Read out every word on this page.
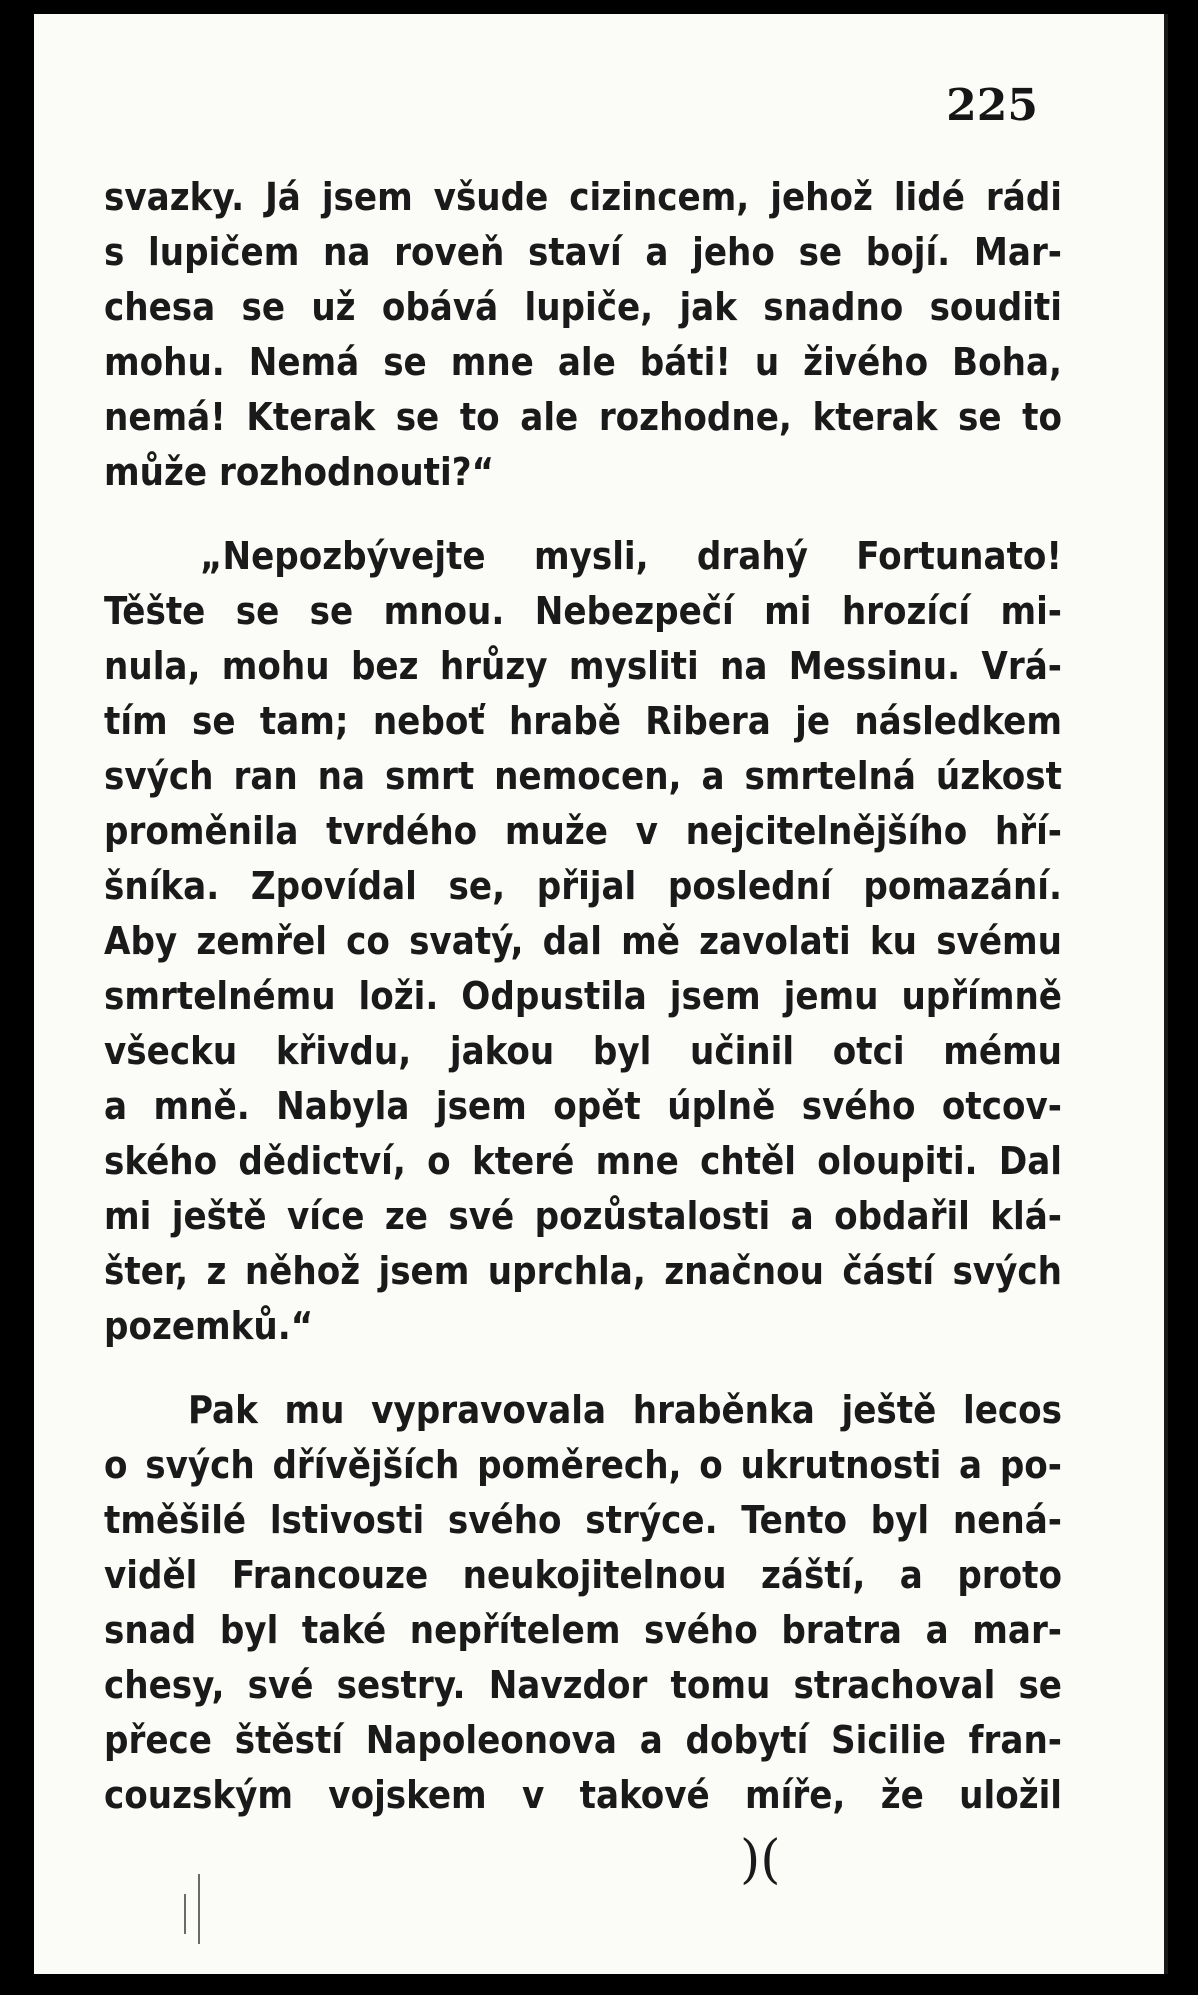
225
svazky. Já jsem všude cizincem, jehož lidé rádi
s lupičem na roveň staví a jeho se bojí. Mar-
chesa se už obává lupiče, jak snadno souditi
mohu. Nemá se mne ale báti! u živého Boha,
nemá! Kterak se to ale rozhodne, kterak se to
může rozhodnouti?“
„Nepozbývejte mysli, drahý Fortunato!
Těšte se se mnou. Nebezpečí mi hrozící mi-
nula, mohu bez hrůzy mysliti na Messinu. Vrá-
tím se tam; neboť hrabě Ribera je následkem
svých ran na smrt nemocen, a smrtelná úzkost
proměnila tvrdého muže v nejcitelnějšího hří-
šníka. Zpovídal se, přijal poslední pomazání.
Aby zemřel co svatý, dal mě zavolati ku svému
smrtelnému loži. Odpustila jsem jemu upřímně
všecku křivdu, jakou byl učinil otci mému
a mně. Nabyla jsem opět úplně svého otcov-
ského dědictví, o které mne chtěl oloupiti. Dal
mi ještě více ze své pozůstalosti a obdařil klá-
šter, z něhož jsem uprchla, značnou částí svých
pozemků.“
Pak mu vypravovala hraběnka ještě lecos
o svých dřívějších poměrech, o ukrutnosti a po-
tměšilé lstivosti svého strýce. Tento byl nená-
viděl Francouze neukojitelnou záští, a proto
snad byl také nepřítelem svého bratra a mar-
chesy, své sestry. Navzdor tomu strachoval se
přece štěstí Napoleonova a dobytí Sicilie fran-
couzským vojskem v takové míře, že uložil
)(
